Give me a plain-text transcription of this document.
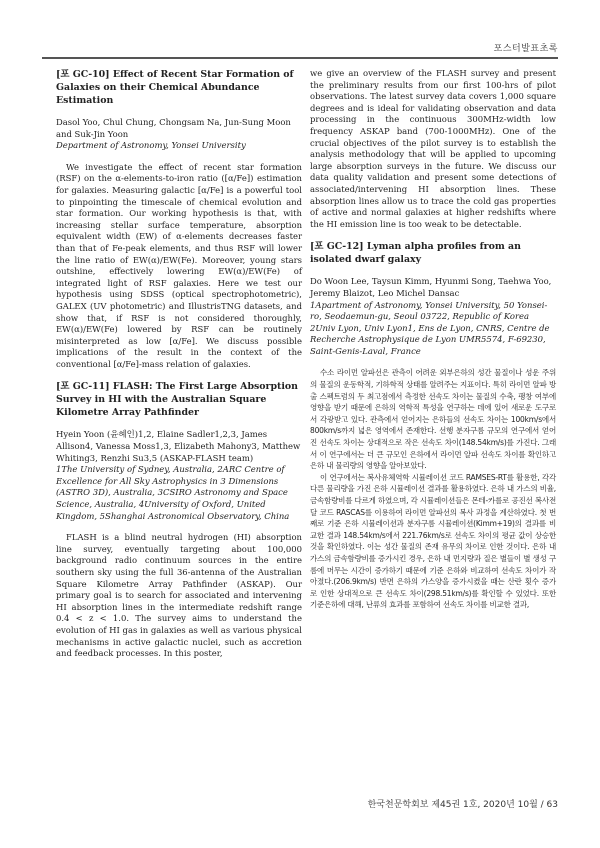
포스터발표초록
[포 GC-10] Effect of Recent Star Formation of Galaxies on their Chemical Abundance Estimation

Dasol Yoo, Chul Chung, Chongsam Na, Jun-Sung Moon and Suk-Jin Yoon

Department of Astronomy, Yonsei University

We investigate the effect of recent star formation (RSF) on the α-elements-to-iron ratio ([α/Fe]) estimation for galaxies. Measuring galactic [α/Fe] is a powerful tool to pinpointing the timescale of chemical evolution and star formation. Our working hypothesis is that, with increasing stellar surface temperature, absorption equivalent width (EW) of α-elements decreases faster than that of Fe-peak elements, and thus RSF will lower the line ratio of EW(α)/EW(Fe). Moreover, young stars outshine, effectively lowering EW(α)/EW(Fe) of integrated light of RSF galaxies. Here we test our hypothesis using SDSS (optical spectrophotometric), GALEX (UV photometric) and IllustrisTNG datasets, and show that, if RSF is not considered thoroughly, EW(α)/EW(Fe) lowered by RSF can be routinely misinterpreted as low [α/Fe]. We discuss possible implications of the result in the context of the conventional [α/Fe]-mass relation of galaxies.

[포 GC-11] FLASH: The First Large Absorption Survey in HI with the Australian Square Kilometre Array Pathfinder

Hyein Yoon (윤혜인)1,2, Elaine Sadler1,2,3, James Allison4, Vanessa Moss1,3, Elizabeth Mahony3, Matthew Whiting3, Renzhi Su3,5 (ASKAP-FLASH team)

1The University of Sydney, Australia, 2ARC Centre of Excellence for All Sky Astrophysics in 3 Dimensions (ASTRO 3D), Australia, 3CSIRO Astronomy and Space Science, Australia, 4University of Oxford, United Kingdom, 5Shanghai Astronomical Observatory, China

FLASH is a blind neutral hydrogen (HI) absorption line survey, eventually targeting about 100,000 background radio continuum sources in the entire southern sky using the full 36-antenna of the Australian Square Kilometre Array Pathfinder (ASKAP). Our primary goal is to search for associated and intervening HI absorption lines in the intermediate redshift range 0.4 < z < 1.0. The survey aims to understand the evolution of HI gas in galaxies as well as various physical mechanisms in active galactic nuclei, such as accretion and feedback processes. In this poster,

we give an overview of the FLASH survey and present the preliminary results from our first 100-hrs of pilot observations. The latest survey data covers 1,000 square degrees and is ideal for validating observation and data processing in the continuous 300MHz-width low frequency ASKAP band (700-1000MHz). One of the crucial objectives of the pilot survey is to establish the analysis methodology that will be applied to upcoming large absorption surveys in the future. We discuss our data quality validation and present some detections of associated/intervening HI absorption lines. These absorption lines allow us to trace the cold gas properties of active and normal galaxies at higher redshifts where the HI emission line is too weak to be detectable.

[포 GC-12] Lyman alpha profiles from an isolated dwarf galaxy

Do Woon Lee, Taysun Kimm, Hyunmi Song, Taehwa Yoo, Jeremy Blaizot, Leo Michel Dansac

1Apartment of Astronomy, Yonsei University, 50 Yonsei-ro, Seodaemun-gu, Seoul 03722, Republic of Korea

2Univ Lyon, Univ Lyon1, Ens de Lyon, CNRS, Centre de Recherche Astrophysique de Lyon UMR5574, F-69230, Saint-Genis-Laval, France

수소 라이먼 알파선은 관측이 어려운 외부은하의 성간 물질이나 성운 주위의 물질의 운동학적, 기하학적 상태를 알려주는 지표이다. 특히 라이먼 알파 방출 스펙트럼의 두 최고점에서 측정한 선속도 차이는 물질의 수축, 팽창 여부에 영향을 받기 때문에 은하의 역학적 특성을 연구하는 데에 있어 새로운 도구로서 각광받고 있다. 관측에서 얻어지는 은하들의 선속도 차이는 100km/s에서 800km/s까지 넓은 영역에서 존재한다. 선행 분자구름 규모의 연구에서 얻어진 선속도 차이는 상대적으로 작은 선속도 차이(148.54km/s)를 가진다. 그래서 이 연구에서는 더 큰 규모인 은하에서 라이먼 알파 선속도 차이를 확인하고 은하 내 물리량의 영향을 알아보았다.

이 연구에서는 복사유체역학 시뮬레이션 코드 RAMSES-RT를 활용한, 각각 다른 물리량을 가진 은하 시뮬레이션 결과를 활용하였다. 은하 내 가스의 비율, 금속함량비를 다르게 하였으며, 각 시뮬레이션들은 몬테-카를로 공진선 복사전달 코드 RASCAS를 이용하여 라이먼 알파선의 복사 과정을 계산하였다. 첫 번째로 기준 은하 시뮬레이션과 분자구름 시뮬레이션(Kimm+19)의 결과를 비교한 결과 148.54km/s에서 221.76km/s로 선속도 차이의 평균 값이 상승한 것을 확인하였다. 이는 성간 물질의 존재 유무의 차이로 인한 것이다. 은하 내 가스의 금속함량비를 증가시킨 경우, 은하 내 먼지량과 질은 별들이 별 생성 구름에 머무는 시간이 증가하기 때문에 기준 은하와 비교하여 선속도 차이가 작아졌다.(206.9km/s) 반면 은하의 가스양을 증가시켰을 때는 산란 횟수 증가로 인한 상대적으로 큰 선속도 차이(298.51km/s)를 확인할 수 있었다. 또한 기준은하에 대해, 난류의 효과를 포함하여 선속도 차이를 비교한 결과,

한국천문학회보 제45권 1호, 2020년 10월 / 63
